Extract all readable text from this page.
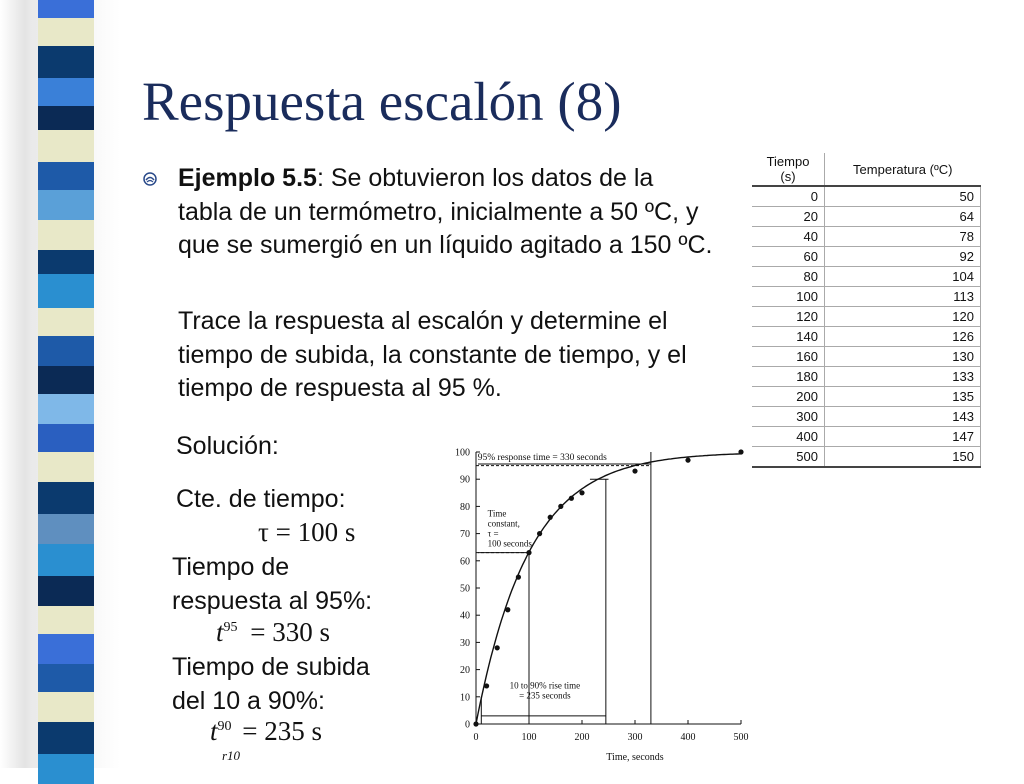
Respuesta escalón (8)

Ejemplo 5.5: Se obtuvieron los datos de la tabla de un termómetro, inicialmente a 50 ºC, y que se sumergió en un líquido agitado a 150 ºC.

Trace la respuesta al escalón y determine el tiempo de subida, la constante de tiempo, y el tiempo de respuesta al 95 %.

Solución:

Cte. de tiempo:

τ = 100 s

Tiempo de

respuesta al 95%:

$t^{95} = 330$ s

Tiempo de subida

del 10 a 90%:

$t^{90} = 235$ s
r10
Tiempo (s)	Temperatura (ºC)
0	50
20	64
40	78
60	92
80	104
100	113
120	120
140	126
160	130
180	133
200	135
300	143
400	147
500	150
0
10
20
30
40
50
60
70
80
90
100
0	100	200	300	400	500
Time, seconds
95% response time = 330 seconds
Time
constant,
τ =
100 seconds
10 to 90% rise time
= 235 seconds
